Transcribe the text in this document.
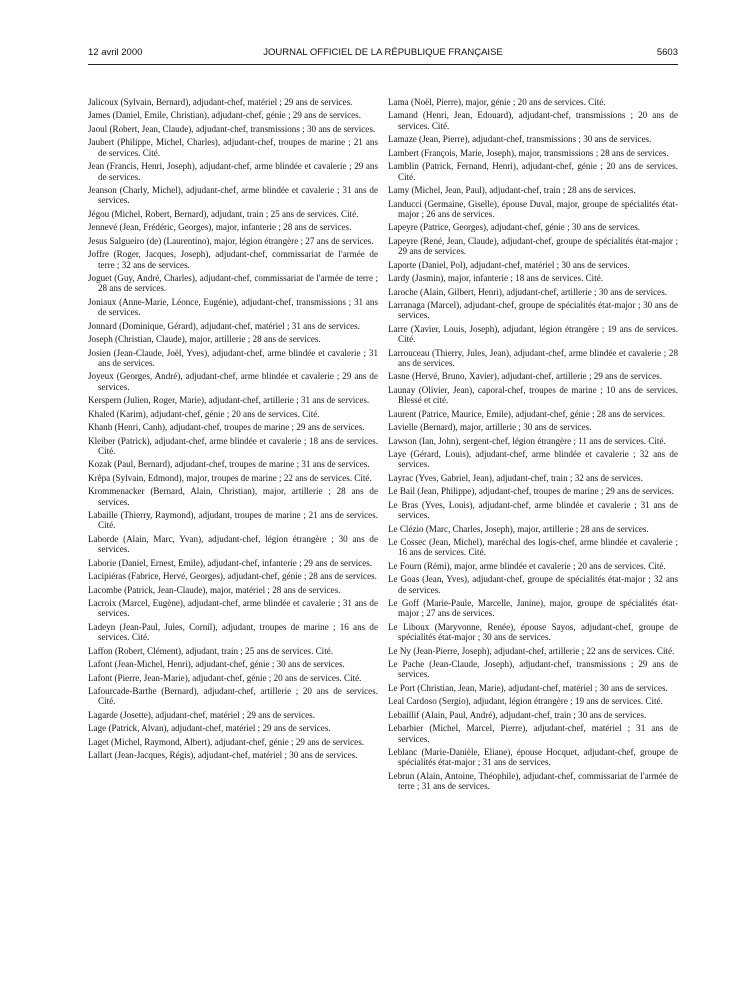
12 avril 2000	JOURNAL OFFICIEL DE LA RÉPUBLIQUE FRANÇAISE	5603

Jalicoux (Sylvain, Bernard), adjudant-chef, matériel ; 29 ans de services.

James (Daniel, Emile, Christian), adjudant-chef, génie ; 29 ans de services.

Jaoul (Robert, Jean, Claude), adjudant-chef, transmissions ; 30 ans de services.

Jaubert (Philippe, Michel, Charles), adjudant-chef, troupes de marine ; 21 ans de services. Cité.

Jean (Francis, Henri, Joseph), adjudant-chef, arme blindée et cavalerie ; 29 ans de services.

Jeanson (Charly, Michel), adjudant-chef, arme blindée et cavalerie ; 31 ans de services.

Jégou (Michel, Robert, Bernard), adjudant, train ; 25 ans de services. Cité.

Jennevé (Jean, Frédéric, Georges), major, infanterie ; 28 ans de services.

Jesus Salgueiro (de) (Laurentino), major, légion étrangère ; 27 ans de services.

Joffre (Roger, Jacques, Joseph), adjudant-chef, commissariat de l'armée de terre ; 32 ans de services.

Joguet (Guy, André, Charles), adjudant-chef, commissariat de l'armée de terre ; 28 ans de services.

Joniaux (Anne-Marie, Léonce, Eugénie), adjudant-chef, transmissions ; 31 ans de services.

Jonnard (Dominique, Gérard), adjudant-chef, matériel ; 31 ans de services.

Joseph (Christian, Claude), major, artillerie ; 28 ans de services.

Josien (Jean-Claude, Joël, Yves), adjudant-chef, arme blindée et cavalerie ; 31 ans de services.

Joyeux (Georges, André), adjudant-chef, arme blindée et cavalerie ; 29 ans de services.

Kerspern (Julien, Roger, Marie), adjudant-chef, artillerie ; 31 ans de services.

Khaled (Karim), adjudant-chef, génie ; 20 ans de services. Cité.

Khanh (Henri, Canh), adjudant-chef, troupes de marine ; 29 ans de services.

Kleiber (Patrick), adjudant-chef, arme blindée et cavalerie ; 18 ans de services. Cité.

Kozak (Paul, Bernard), adjudant-chef, troupes de marine ; 31 ans de services.

Krêpa (Sylvain, Edmond), major, troupes de marine ; 22 ans de services. Cité.

Krommenacker (Bernard, Alain, Christian), major, artillerie ; 28 ans de services.

Labaille (Thierry, Raymond), adjudant, troupes de marine ; 21 ans de services. Cité.

Laborde (Alain, Marc, Yvan), adjudant-chef, légion étrangère ; 30 ans de services.

Laborie (Daniel, Ernest, Emile), adjudant-chef, infanterie ; 29 ans de services.

Lacipiéras (Fabrice, Hervé, Georges), adjudant-chef, génie ; 28 ans de services.

Lacombe (Patrick, Jean-Claude), major, matériel ; 28 ans de services.

Lacroix (Marcel, Eugène), adjudant-chef, arme blindée et cavalerie ; 31 ans de services.

Ladeyn (Jean-Paul, Jules, Cornil), adjudant, troupes de marine ; 16 ans de services. Cité.

Laffon (Robert, Clément), adjudant, train ; 25 ans de services. Cité.

Lafont (Jean-Michel, Henri), adjudant-chef, génie ; 30 ans de services.

Lafont (Pierre, Jean-Marie), adjudant-chef, génie ; 20 ans de services. Cité.

Lafourcade-Barthe (Bernard), adjudant-chef, artillerie ; 20 ans de services. Cité.

Lagarde (Josette), adjudant-chef, matériel ; 29 ans de services.

Lage (Patrick, Alvan), adjudant-chef, matériel ; 29 ans de services.

Laget (Michel, Raymond, Albert), adjudant-chef, génie ; 29 ans de services.

Lallart (Jean-Jacques, Régis), adjudant-chef, matériel ; 30 ans de services.

Lama (Noël, Pierre), major, génie ; 20 ans de services. Cité.

Lamand (Henri, Jean, Edouard), adjudant-chef, transmissions ; 20 ans de services. Cité.

Lamaze (Jean, Pierre), adjudant-chef, transmissions ; 30 ans de services.

Lambert (François, Marie, Joseph), major, transmissions ; 28 ans de services.

Lamblin (Patrick, Fernand, Henri), adjudant-chef, génie ; 20 ans de services. Cité.

Lamy (Michel, Jean, Paul), adjudant-chef, train ; 28 ans de services.

Landucci (Germaine, Giselle), épouse Duval, major, groupe de spécialités état-major ; 26 ans de services.

Lapeyre (Patrice, Georges), adjudant-chef, génie ; 30 ans de services.

Lapeyre (René, Jean, Claude), adjudant-chef, groupe de spécialités état-major ; 29 ans de services.

Laporte (Daniel, Pol), adjudant-chef, matériel ; 30 ans de services.

Lardy (Jasmin), major, infanterie ; 18 ans de services. Cité.

Laroche (Alain, Gilbert, Henri), adjudant-chef, artillerie ; 30 ans de services.

Larranaga (Marcel), adjudant-chef, groupe de spécialités état-major ; 30 ans de services.

Larre (Xavier, Louis, Joseph), adjudant, légion étrangère ; 19 ans de services. Cité.

Larrouceau (Thierry, Jules, Jean), adjudant-chef, arme blindée et cavalerie ; 28 ans de services.

Lasne (Hervé, Bruno, Xavier), adjudant-chef, artillerie ; 29 ans de services.

Launay (Olivier, Jean), caporal-chef, troupes de marine ; 10 ans de services. Blessé et cité.

Laurent (Patrice, Maurice, Emile), adjudant-chef, génie ; 28 ans de services.

Lavielle (Bernard), major, artillerie ; 30 ans de services.

Lawson (Ian, John), sergent-chef, légion étrangère ; 11 ans de services. Cité.

Laye (Gérard, Louis), adjudant-chef, arme blindée et cavalerie ; 32 ans de services.

Layrac (Yves, Gabriel, Jean), adjudant-chef, train ; 32 ans de services.

Le Bail (Jean, Philippe), adjudant-chef, troupes de marine ; 29 ans de services.

Le Bras (Yves, Louis), adjudant-chef, arme blindée et cavalerie ; 31 ans de services.

Le Clézio (Marc, Charles, Joseph), major, artillerie ; 28 ans de services.

Le Cossec (Jean, Michel), maréchal des logis-chef, arme blindée et cavalerie ; 16 ans de services. Cité.

Le Fourn (Rémi), major, arme blindée et cavalerie ; 20 ans de services. Cité.

Le Goas (Jean, Yves), adjudant-chef, groupe de spécialités état-major ; 32 ans de services.

Le Goff (Marie-Paule, Marcelle, Janine), major, groupe de spécialités état-major ; 27 ans de services.

Le Liboux (Maryvonne, Renée), épouse Sayos, adjudant-chef, groupe de spécialités état-major ; 30 ans de services.

Le Ny (Jean-Pierre, Joseph), adjudant-chef, artillerie ; 22 ans de services. Cité.

Le Pache (Jean-Claude, Joseph), adjudant-chef, transmissions ; 29 ans de services.

Le Port (Christian, Jean, Marie), adjudant-chef, matériel ; 30 ans de services.

Leal Cardoso (Sergio), adjudant, légion étrangère ; 19 ans de services. Cité.

Lebaillif (Alain, Paul, André), adjudant-chef, train ; 30 ans de services.

Lebarbier (Michel, Marcel, Pierre), adjudant-chef, matériel ; 31 ans de services.

Leblanc (Marie-Danièle, Eliane), épouse Hocquet, adjudant-chef, groupe de spécialités état-major ; 31 ans de services.

Lebrun (Alain, Antoine, Théophile), adjudant-chef, commissariat de l'armée de terre ; 31 ans de services.
